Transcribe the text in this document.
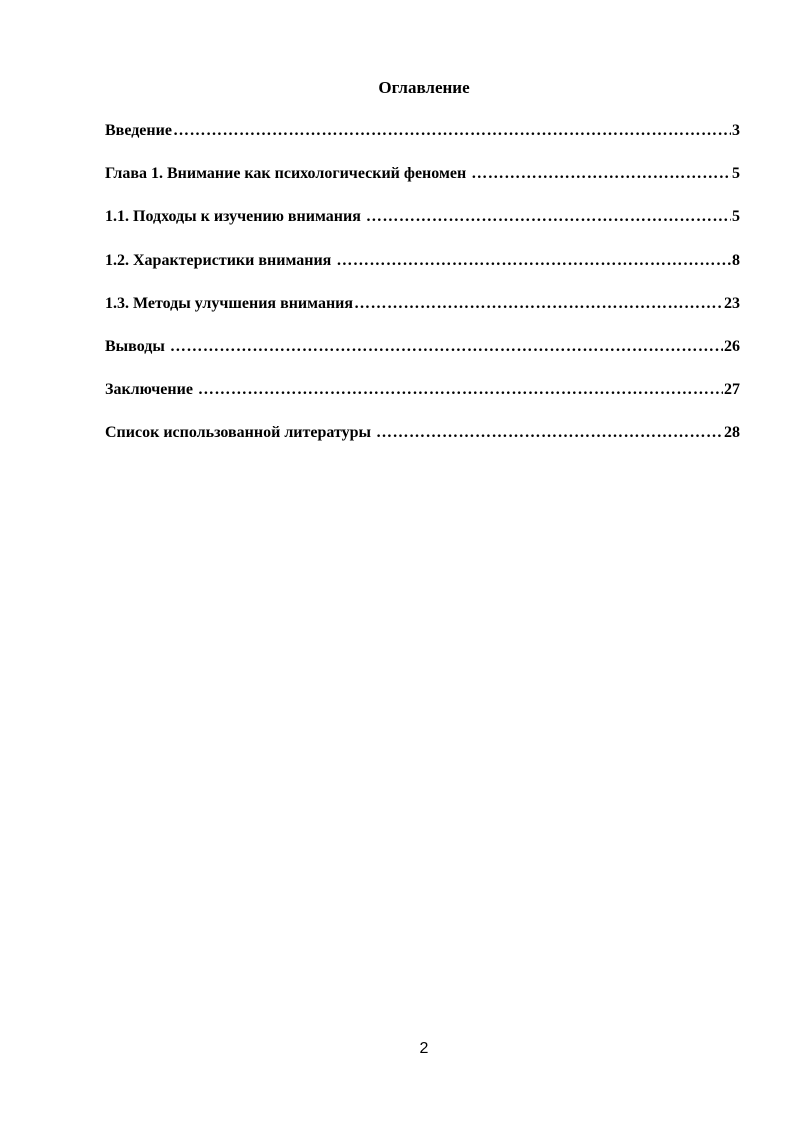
Оглавление
Введение ……………………………………………………………………………………………………………………………………………………………………	3
Глава 1. Внимание как психологический феномен ……………………………………………………………………………………………………………………………………………………………………	5
1.1. Подходы к изучению внимания ……………………………………………………………………………………………………………………………………………………………………	5
1.2. Характеристики внимания ……………………………………………………………………………………………………………………………………………………………………	8
1.3. Методы улучшения внимания ……………………………………………………………………………………………………………………………………………………………………	23
Выводы ……………………………………………………………………………………………………………………………………………………………………	26
Заключение ……………………………………………………………………………………………………………………………………………………………………	27
Список использованной литературы ……………………………………………………………………………………………………………………………………………………………………	28
2
